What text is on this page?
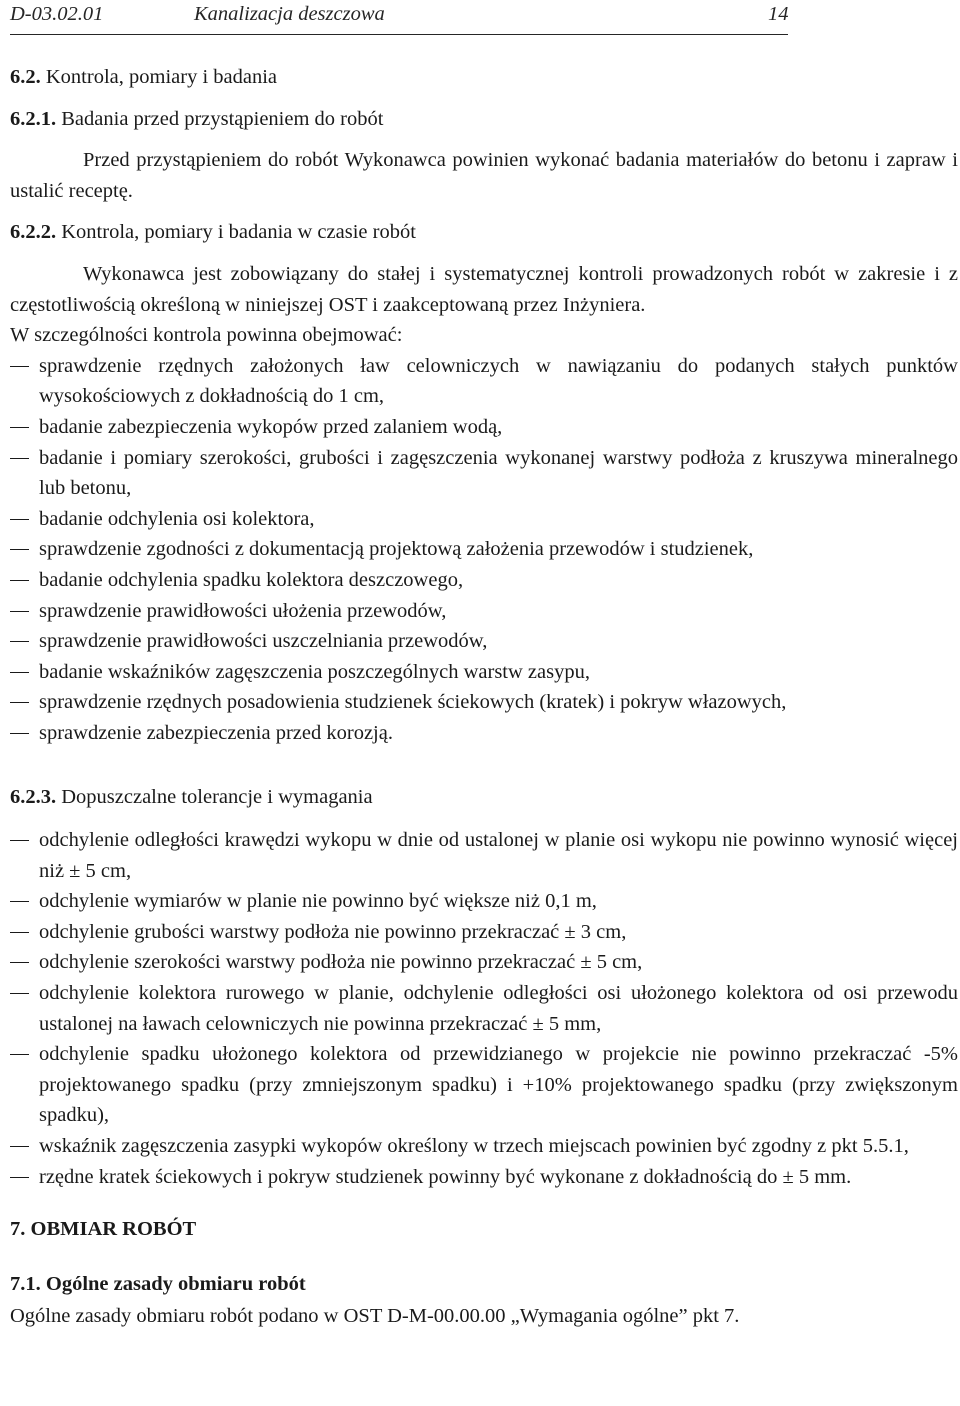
D-03.02.01	Kanalizacja deszczowa	14

6.2. Kontrola, pomiary i badania

6.2.1. Badania przed przystąpieniem do robót

Przed przystąpieniem do robót Wykonawca powinien wykonać badania materiałów do betonu i zapraw i ustalić receptę.

6.2.2. Kontrola, pomiary i badania w czasie robót

Wykonawca jest zobowiązany do stałej i systematycznej kontroli prowadzonych robót w zakresie i z częstotliwością określoną w niniejszej OST i zaakceptowaną przez Inżyniera.

W szczególności kontrola powinna obejmować:

sprawdzenie rzędnych założonych ław celowniczych w nawiązaniu do podanych stałych punktów wysokościowych z dokładnością do 1 cm,
badanie zabezpieczenia wykopów przed zalaniem wodą,
badanie i pomiary szerokości, grubości i zagęszczenia wykonanej warstwy podłoża z kruszywa mineralnego lub betonu,
badanie odchylenia osi kolektora,
sprawdzenie zgodności z dokumentacją projektową założenia przewodów i studzienek,
badanie odchylenia spadku kolektora deszczowego,
sprawdzenie prawidłowości ułożenia przewodów,
sprawdzenie prawidłowości uszczelniania przewodów,
badanie wskaźników zagęszczenia poszczególnych warstw zasypu,
sprawdzenie rzędnych posadowienia studzienek ściekowych (kratek) i pokryw włazowych,
sprawdzenie zabezpieczenia przed korozją.

6.2.3. Dopuszczalne tolerancje i wymagania

odchylenie odległości krawędzi wykopu w dnie od ustalonej w planie osi wykopu nie powinno wynosić więcej niż ± 5 cm,
odchylenie wymiarów w planie nie powinno być większe niż 0,1 m,
odchylenie grubości warstwy podłoża nie powinno przekraczać ± 3 cm,
odchylenie szerokości warstwy podłoża nie powinno przekraczać ± 5 cm,
odchylenie kolektora rurowego w planie, odchylenie odległości osi ułożonego kolektora od osi przewodu ustalonej na ławach celowniczych nie powinna przekraczać ± 5 mm,
odchylenie spadku ułożonego kolektora od przewidzianego w projekcie nie powinno przekraczać -5% projektowanego spadku (przy zmniejszonym spadku) i +10% projektowanego spadku (przy zwiększonym spadku),
wskaźnik zagęszczenia zasypki wykopów określony w trzech miejscach powinien być zgodny z pkt 5.5.1,
rzędne kratek ściekowych i pokryw studzienek powinny być wykonane z dokładnością do ± 5 mm.

7. OBMIAR ROBÓT

7.1. Ogólne zasady obmiaru robót

Ogólne zasady obmiaru robót podano w OST D-M-00.00.00 „Wymagania ogólne” pkt 7.
